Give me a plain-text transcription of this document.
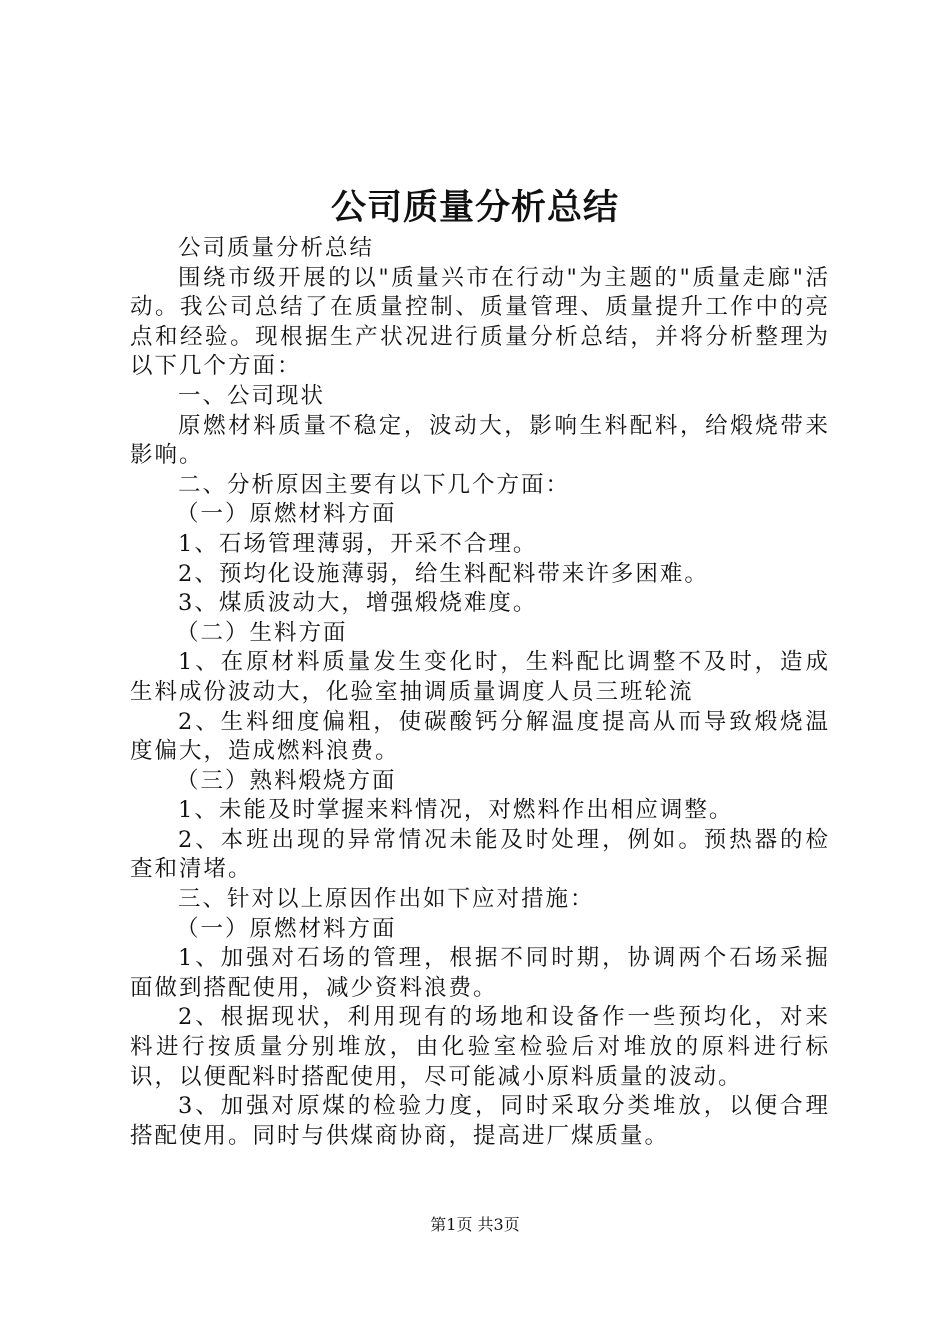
公司质量分析总结

公司质量分析总结

围绕市级开展的以"质量兴市在行动"为主题的"质量走廊"活动。我公司总结了在质量控制、质量管理、质量提升工作中的亮点和经验。现根据生产状况进行质量分析总结，并将分析整理为以下几个方面：

一、公司现状

原燃材料质量不稳定，波动大，影响生料配料，给煅烧带来影响。

二、分析原因主要有以下几个方面：

（一）原燃材料方面

1、石场管理薄弱，开采不合理。

2、预均化设施薄弱，给生料配料带来许多困难。

3、煤质波动大，增强煅烧难度。

（二）生料方面

1、在原材料质量发生变化时，生料配比调整不及时，造成生料成份波动大，化验室抽调质量调度人员三班轮流

2、生料细度偏粗，使碳酸钙分解温度提高从而导致煅烧温度偏大，造成燃料浪费。

（三）熟料煅烧方面

1、未能及时掌握来料情况，对燃料作出相应调整。

2、本班出现的异常情况未能及时处理，例如。预热器的检查和清堵。

三、针对以上原因作出如下应对措施：

（一）原燃材料方面

1、加强对石场的管理，根据不同时期，协调两个石场采掘面做到搭配使用，减少资料浪费。

2、根据现状，利用现有的场地和设备作一些预均化，对来料进行按质量分别堆放，由化验室检验后对堆放的原料进行标识，以便配料时搭配使用，尽可能减小原料质量的波动。

3、加强对原煤的检验力度，同时采取分类堆放，以便合理搭配使用。同时与供煤商协商，提高进厂煤质量。

第1页 共3页
